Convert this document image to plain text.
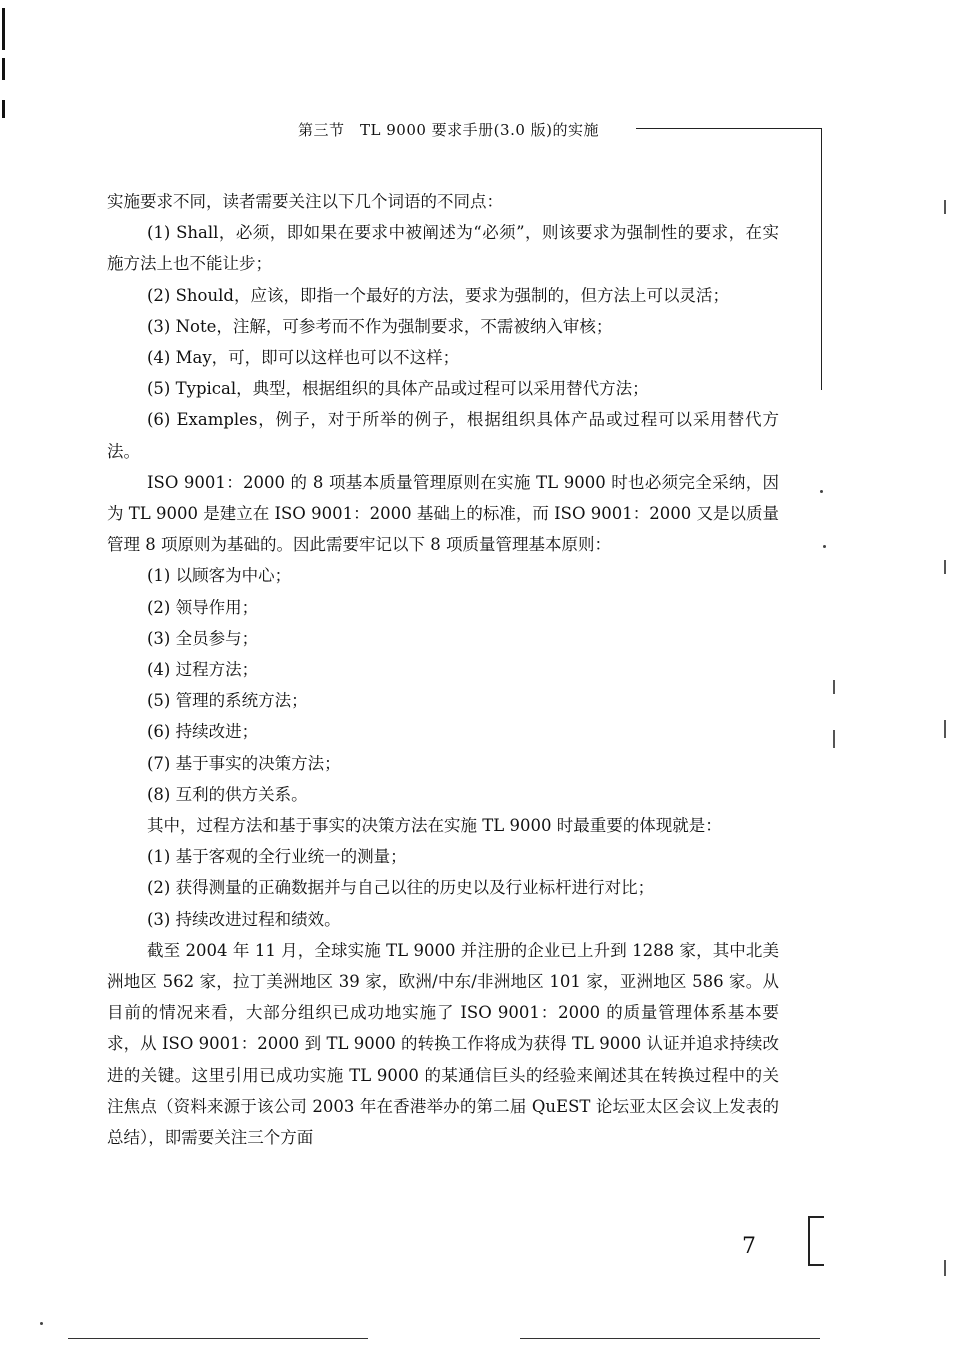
第三节　TL 9000 要求手册(3.0 版)的实施

实施要求不同，读者需要关注以下几个词语的不同点：

(1) Shall，必须，即如果在要求中被阐述为“必须”，则该要求为强制性的要求，在实施方法上也不能让步；

(2) Should，应该，即指一个最好的方法，要求为强制的，但方法上可以灵活；

(3) Note，注解，可参考而不作为强制要求，不需被纳入审核；

(4) May，可，即可以这样也可以不这样；

(5) Typical，典型，根据组织的具体产品或过程可以采用替代方法；

(6) Examples，例子，对于所举的例子，根据组织具体产品或过程可以采用替代方法。

ISO 9001：2000 的 8 项基本质量管理原则在实施 TL 9000 时也必须完全采纳，因为 TL 9000 是建立在 ISO 9001：2000 基础上的标准，而 ISO 9001：2000 又是以质量管理 8 项原则为基础的。因此需要牢记以下 8 项质量管理基本原则：

(1) 以顾客为中心；

(2) 领导作用；

(3) 全员参与；

(4) 过程方法；

(5) 管理的系统方法；

(6) 持续改进；

(7) 基于事实的决策方法；

(8) 互利的供方关系。

其中，过程方法和基于事实的决策方法在实施 TL 9000 时最重要的体现就是：

(1) 基于客观的全行业统一的测量；

(2) 获得测量的正确数据并与自己以往的历史以及行业标杆进行对比；

(3) 持续改进过程和绩效。

截至 2004 年 11 月，全球实施 TL 9000 并注册的企业已上升到 1288 家，其中北美洲地区 562 家，拉丁美洲地区 39 家，欧洲/中东/非洲地区 101 家，亚洲地区 586 家。从目前的情况来看，大部分组织已成功地实施了 ISO 9001：2000 的质量管理体系基本要求，从 ISO 9001：2000 到 TL 9000 的转换工作将成为获得 TL 9000 认证并追求持续改进的关键。这里引用已成功实施 TL 9000 的某通信巨头的经验来阐述其在转换过程中的关注焦点（资料来源于该公司 2003 年在香港举办的第二届 QuEST 论坛亚太区会议上发表的总结），即需要关注三个方面

7
